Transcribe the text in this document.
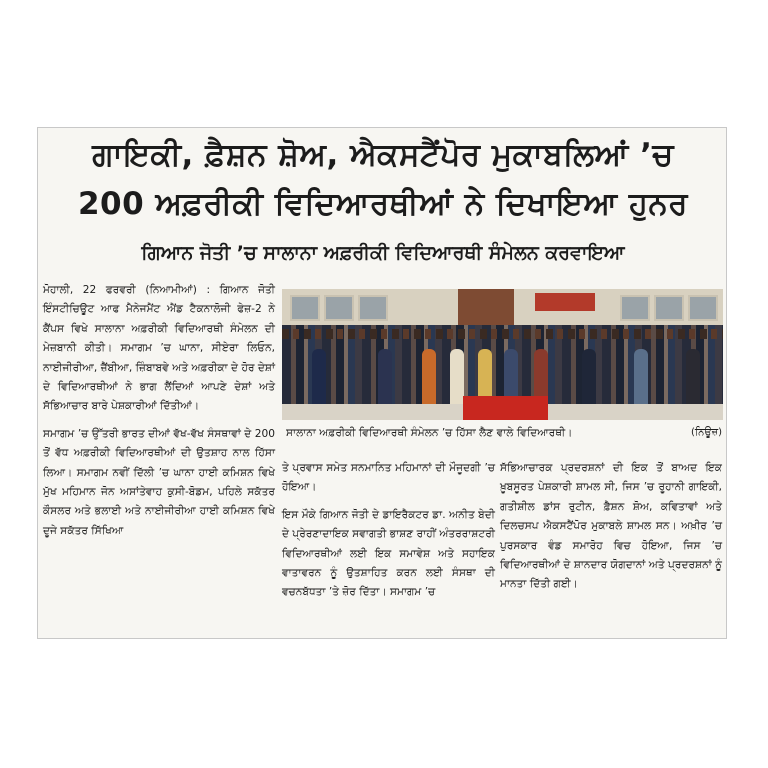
ਗਾਇਕੀ, ਫ਼ੈਸ਼ਨ ਸ਼ੋਅ, ਐਕਸਟੈਂਪੋਰ ਮੁਕਾਬਲਿਆਂ ’ਚ
200 ਅਫ਼ਰੀਕੀ ਵਿਦਿਆਰਥੀਆਂ ਨੇ ਦਿਖਾਇਆ ਹੁਨਰ
ਗਿਆਨ ਜੋਤੀ ’ਚ ਸਾਲਾਨਾ ਅਫ਼ਰੀਕੀ ਵਿਦਿਆਰਥੀ ਸੰਮੇਲਨ ਕਰਵਾਇਆ

ਮੋਹਾਲੀ, 22 ਫਰਵਰੀ (ਨਿਆਮੀਆਂ) : ਗਿਆਨ ਜੋਤੀ ਇੰਸਟੀਚਿਊਟ ਆਫ ਮੈਨੇਜਮੈਂਟ ਐਂਡ ਟੈਕਨਾਲੋਜੀ ਫੇਜ਼-2 ਨੇ ਕੈਂਪਸ ਵਿਖੇ ਸਾਲਾਨਾ ਅਫ਼ਰੀਕੀ ਵਿਦਿਆਰਥੀ ਸੰਮੇਲਨ ਦੀ ਮੇਜ਼ਬਾਨੀ ਕੀਤੀ। ਸਮਾਗਮ ’ਚ ਘਾਨਾ, ਸੀਏਰਾ ਲਿਓਨ, ਨਾਈਜੀਰੀਆ, ਜ਼ੈਂਬੀਆ, ਜ਼ਿੰਬਾਬਵੇ ਅਤੇ ਅਫ਼ਰੀਕਾ ਦੇ ਹੋਰ ਦੇਸ਼ਾਂ ਦੇ ਵਿਦਿਆਰਥੀਆਂ ਨੇ ਭਾਗ ਲੈਂਦਿਆਂ ਆਪਣੇ ਦੇਸ਼ਾਂ ਅਤੇ ਸੱਭਿਆਚਾਰ ਬਾਰੇ ਪੇਸ਼ਕਾਰੀਆਂ ਦਿੱਤੀਆਂ।

ਸਮਾਗਮ ’ਚ ਉੱਤਰੀ ਭਾਰਤ ਦੀਆਂ ਵੱਖ-ਵੱਖ ਸੰਸਥਾਵਾਂ ਦੇ 200 ਤੋਂ ਵੱਧ ਅਫ਼ਰੀਕੀ ਵਿਦਿਆਰਥੀਆਂ ਦੀ ਉਤਸ਼ਾਹ ਨਾਲ ਹਿੱਸਾ ਲਿਆ। ਸਮਾਗਮ ਨਵੀਂ ਦਿੱਲੀ ’ਚ ਘਾਨਾ ਹਾਈ ਕਮਿਸ਼ਨ ਵਿਖੇ ਮੁੱਖ ਮਹਿਮਾਨ ਜੋਨ ਅਸਾਂਤੇਵਾਹ ਕੁਸੀ-ਬੋਡਮ, ਪਹਿਲੇ ਸਕੱਤਰ ਕੌਸਲਰ ਅਤੇ ਭਲਾਈ ਅਤੇ ਨਾਈਜੀਰੀਆ ਹਾਈ ਕਮਿਸ਼ਨ ਵਿਖੇ ਦੂਜੇ ਸਕੱਤਰ ਸਿੱਖਿਆ

ਸਾਲਾਨਾ ਅਫ਼ਰੀਕੀ ਵਿਦਿਆਰਥੀ ਸੰਮੇਲਨ ’ਚ ਹਿੱਸਾ ਲੈਣ ਵਾਲੇ ਵਿਦਿਆਰਥੀ।	(ਨਿਊਜ਼)

ਤੇ ਪ੍ਰਵਾਸ ਸਮੇਤ ਸਨਮਾਨਿਤ ਮਹਿਮਾਨਾਂ ਦੀ ਮੌਜੂਦਗੀ ’ਚ ਹੋਇਆ।

ਇਸ ਮੌਕੇ ਗਿਆਨ ਜੋਤੀ ਦੇ ਡਾਇਰੈਕਟਰ ਡਾ. ਅਨੀਤ ਬੇਦੀ ਦੇ ਪ੍ਰੇਰਣਾਦਾਇਕ ਸਵਾਗਤੀ ਭਾਸ਼ਣ ਰਾਹੀਂ ਅੰਤਰਰਾਸ਼ਟਰੀ ਵਿਦਿਆਰਥੀਆਂ ਲਈ ਇਕ ਸਮਾਵੇਸ਼ ਅਤੇ ਸਹਾਇਕ ਵਾਤਾਵਰਨ ਨੂੰ ਉਤਸ਼ਾਹਿਤ ਕਰਨ ਲਈ ਸੰਸਥਾ ਦੀ ਵਚਨਬੱਧਤਾ ’ਤੇ ਜ਼ੋਰ ਦਿੱਤਾ। ਸਮਾਗਮ ’ਚ

ਸੱਭਿਆਚਾਰਕ ਪ੍ਰਦਰਸ਼ਨਾਂ ਦੀ ਇਕ ਤੋਂ ਬਾਅਦ ਇਕ ਖ਼ੂਬਸੂਰਤ ਪੇਸ਼ਕਾਰੀ ਸ਼ਾਮਲ ਸੀ, ਜਿਸ ’ਚ ਰੂਹਾਨੀ ਗਾਇਕੀ, ਗਤੀਸ਼ੀਲ ਡਾਂਸ ਰੁਟੀਨ, ਫ਼ੈਸ਼ਨ ਸ਼ੋਅ, ਕਵਿਤਾਵਾਂ ਅਤੇ ਦਿਲਚਸਪ ਐਕਸਟੈਂਪੋਰ ਮੁਕਾਬਲੇ ਸ਼ਾਮਲ ਸਨ। ਅਖ਼ੀਰ ’ਚ ਪੁਰਸਕਾਰ ਵੰਡ ਸਮਾਰੋਹ ਵਿਚ ਹੋਇਆ, ਜਿਸ ’ਚ ਵਿਦਿਆਰਥੀਆਂ ਦੇ ਸ਼ਾਨਦਾਰ ਯੋਗਦਾਨਾਂ ਅਤੇ ਪ੍ਰਦਰਸ਼ਨਾਂ ਨੂੰ ਮਾਨਤਾ ਦਿੱਤੀ ਗਈ।
